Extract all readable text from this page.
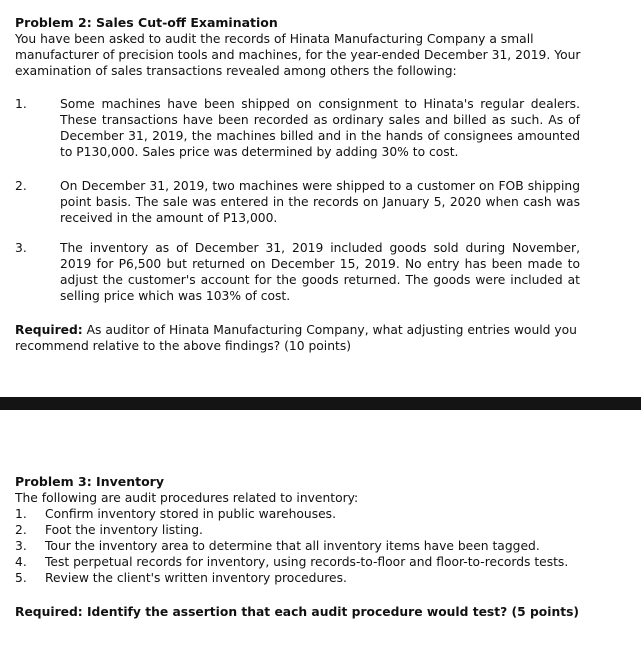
Problem 2: Sales Cut-off Examination
You have been asked to audit the records of Hinata Manufacturing Company a small manufacturer of precision tools and machines, for the year-ended December 31, 2019. Your examination of sales transactions revealed among others the following:
1.	Some machines have been shipped on consignment to Hinata's regular dealers. These transactions have been recorded as ordinary sales and billed as such. As of December 31, 2019, the machines billed and in the hands of consignees amounted to P130,000. Sales price was determined by adding 30% to cost.
2.	On December 31, 2019, two machines were shipped to a customer on FOB shipping point basis. The sale was entered in the records on January 5, 2020 when cash was received in the amount of P13,000.
3.	The inventory as of December 31, 2019 included goods sold during November, 2019 for P6,500 but returned on December 15, 2019. No entry has been made to adjust the customer's account for the goods returned. The goods were included at selling price which was 103% of cost.
Required: As auditor of Hinata Manufacturing Company, what adjusting entries would you recommend relative to the above findings? (10 points)
Problem 3: Inventory
The following are audit procedures related to inventory:
1. Confirm inventory stored in public warehouses.
2. Foot the inventory listing.
3. Tour the inventory area to determine that all inventory items have been tagged.
4. Test perpetual records for inventory, using records-to-floor and floor-to-records tests.
5. Review the client's written inventory procedures.
Required: Identify the assertion that each audit procedure would test? (5 points)
